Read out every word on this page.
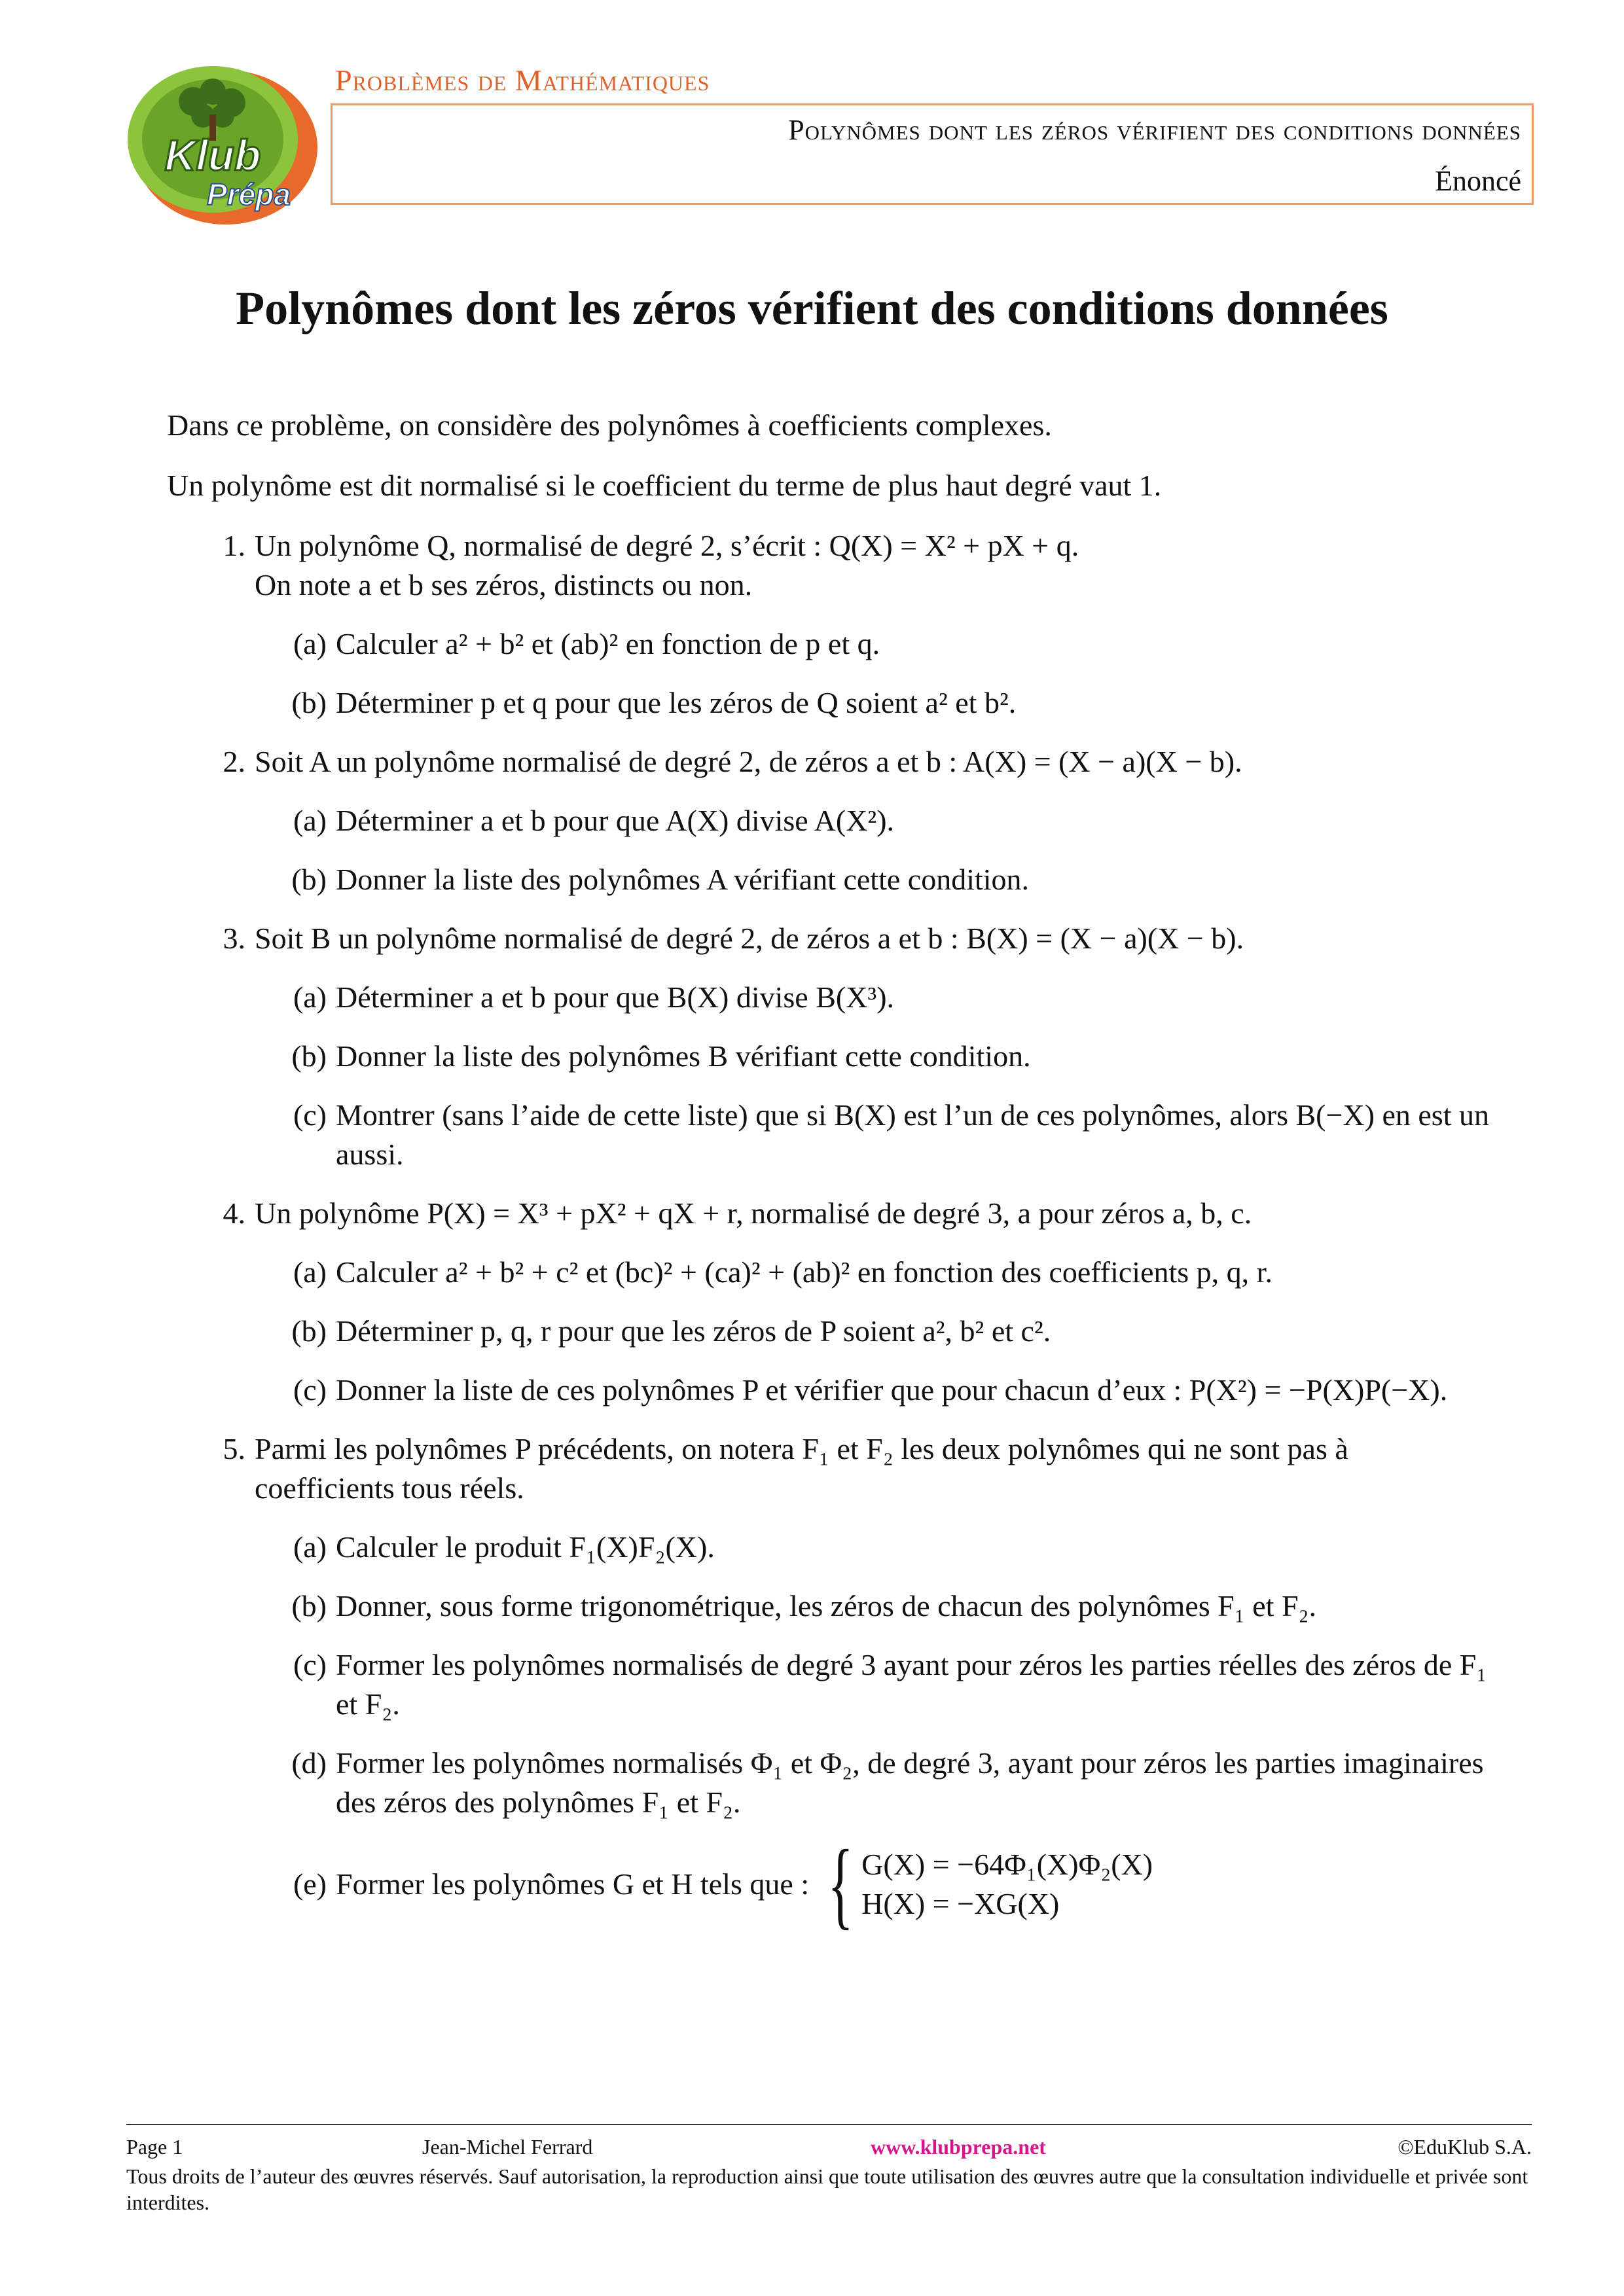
Klub
Prépa
Problèmes de Mathématiques
Polynômes dont les zéros vérifient des conditions données
Énoncé
Polynômes dont les zéros vérifient des conditions données

Dans ce problème, on considère des polynômes à coefficients complexes.

Un polynôme est dit normalisé si le coefficient du terme de plus haut degré vaut 1.

1. Un polynôme Q, normalisé de degré 2, s’écrit : Q(X) = X² + pX + q.
On note a et b ses zéros, distincts ou non.
(a) Calculer a² + b² et (ab)² en fonction de p et q.
(b) Déterminer p et q pour que les zéros de Q soient a² et b².
2. Soit A un polynôme normalisé de degré 2, de zéros a et b : A(X) = (X − a)(X − b).
(a) Déterminer a et b pour que A(X) divise A(X²).
(b) Donner la liste des polynômes A vérifiant cette condition.
3. Soit B un polynôme normalisé de degré 2, de zéros a et b : B(X) = (X − a)(X − b).
(a) Déterminer a et b pour que B(X) divise B(X³).
(b) Donner la liste des polynômes B vérifiant cette condition.
(c) Montrer (sans l’aide de cette liste) que si B(X) est l’un de ces polynômes, alors B(−X) en est un aussi.
4. Un polynôme P(X) = X³ + pX² + qX + r, normalisé de degré 3, a pour zéros a, b, c.
(a) Calculer a² + b² + c² et (bc)² + (ca)² + (ab)² en fonction des coefficients p, q, r.
(b) Déterminer p, q, r pour que les zéros de P soient a², b² et c².
(c) Donner la liste de ces polynômes P et vérifier que pour chacun d’eux : P(X²) = −P(X)P(−X).
5. Parmi les polynômes P précédents, on notera F₁ et F₂ les deux polynômes qui ne sont pas à coefficients tous réels.
(a) Calculer le produit F₁(X)F₂(X).
(b) Donner, sous forme trigonométrique, les zéros de chacun des polynômes F₁ et F₂.
(c) Former les polynômes normalisés de degré 3 ayant pour zéros les parties réelles des zéros de F₁ et F₂.
(d) Former les polynômes normalisés Φ₁ et Φ₂, de degré 3, ayant pour zéros les parties imaginaires des zéros des polynômes F₁ et F₂.
(e) Former les polynômes G et H tels que : { G(X) = −64Φ₁(X)Φ₂(X)
H(X) = −XG(X)
Page 1	Jean-Michel Ferrard	www.klubprepa.net	©EduKlub S.A.
Tous droits de l’auteur des œuvres réservés. Sauf autorisation, la reproduction ainsi que toute utilisation des œuvres autre que la consultation individuelle et privée sont interdites.
